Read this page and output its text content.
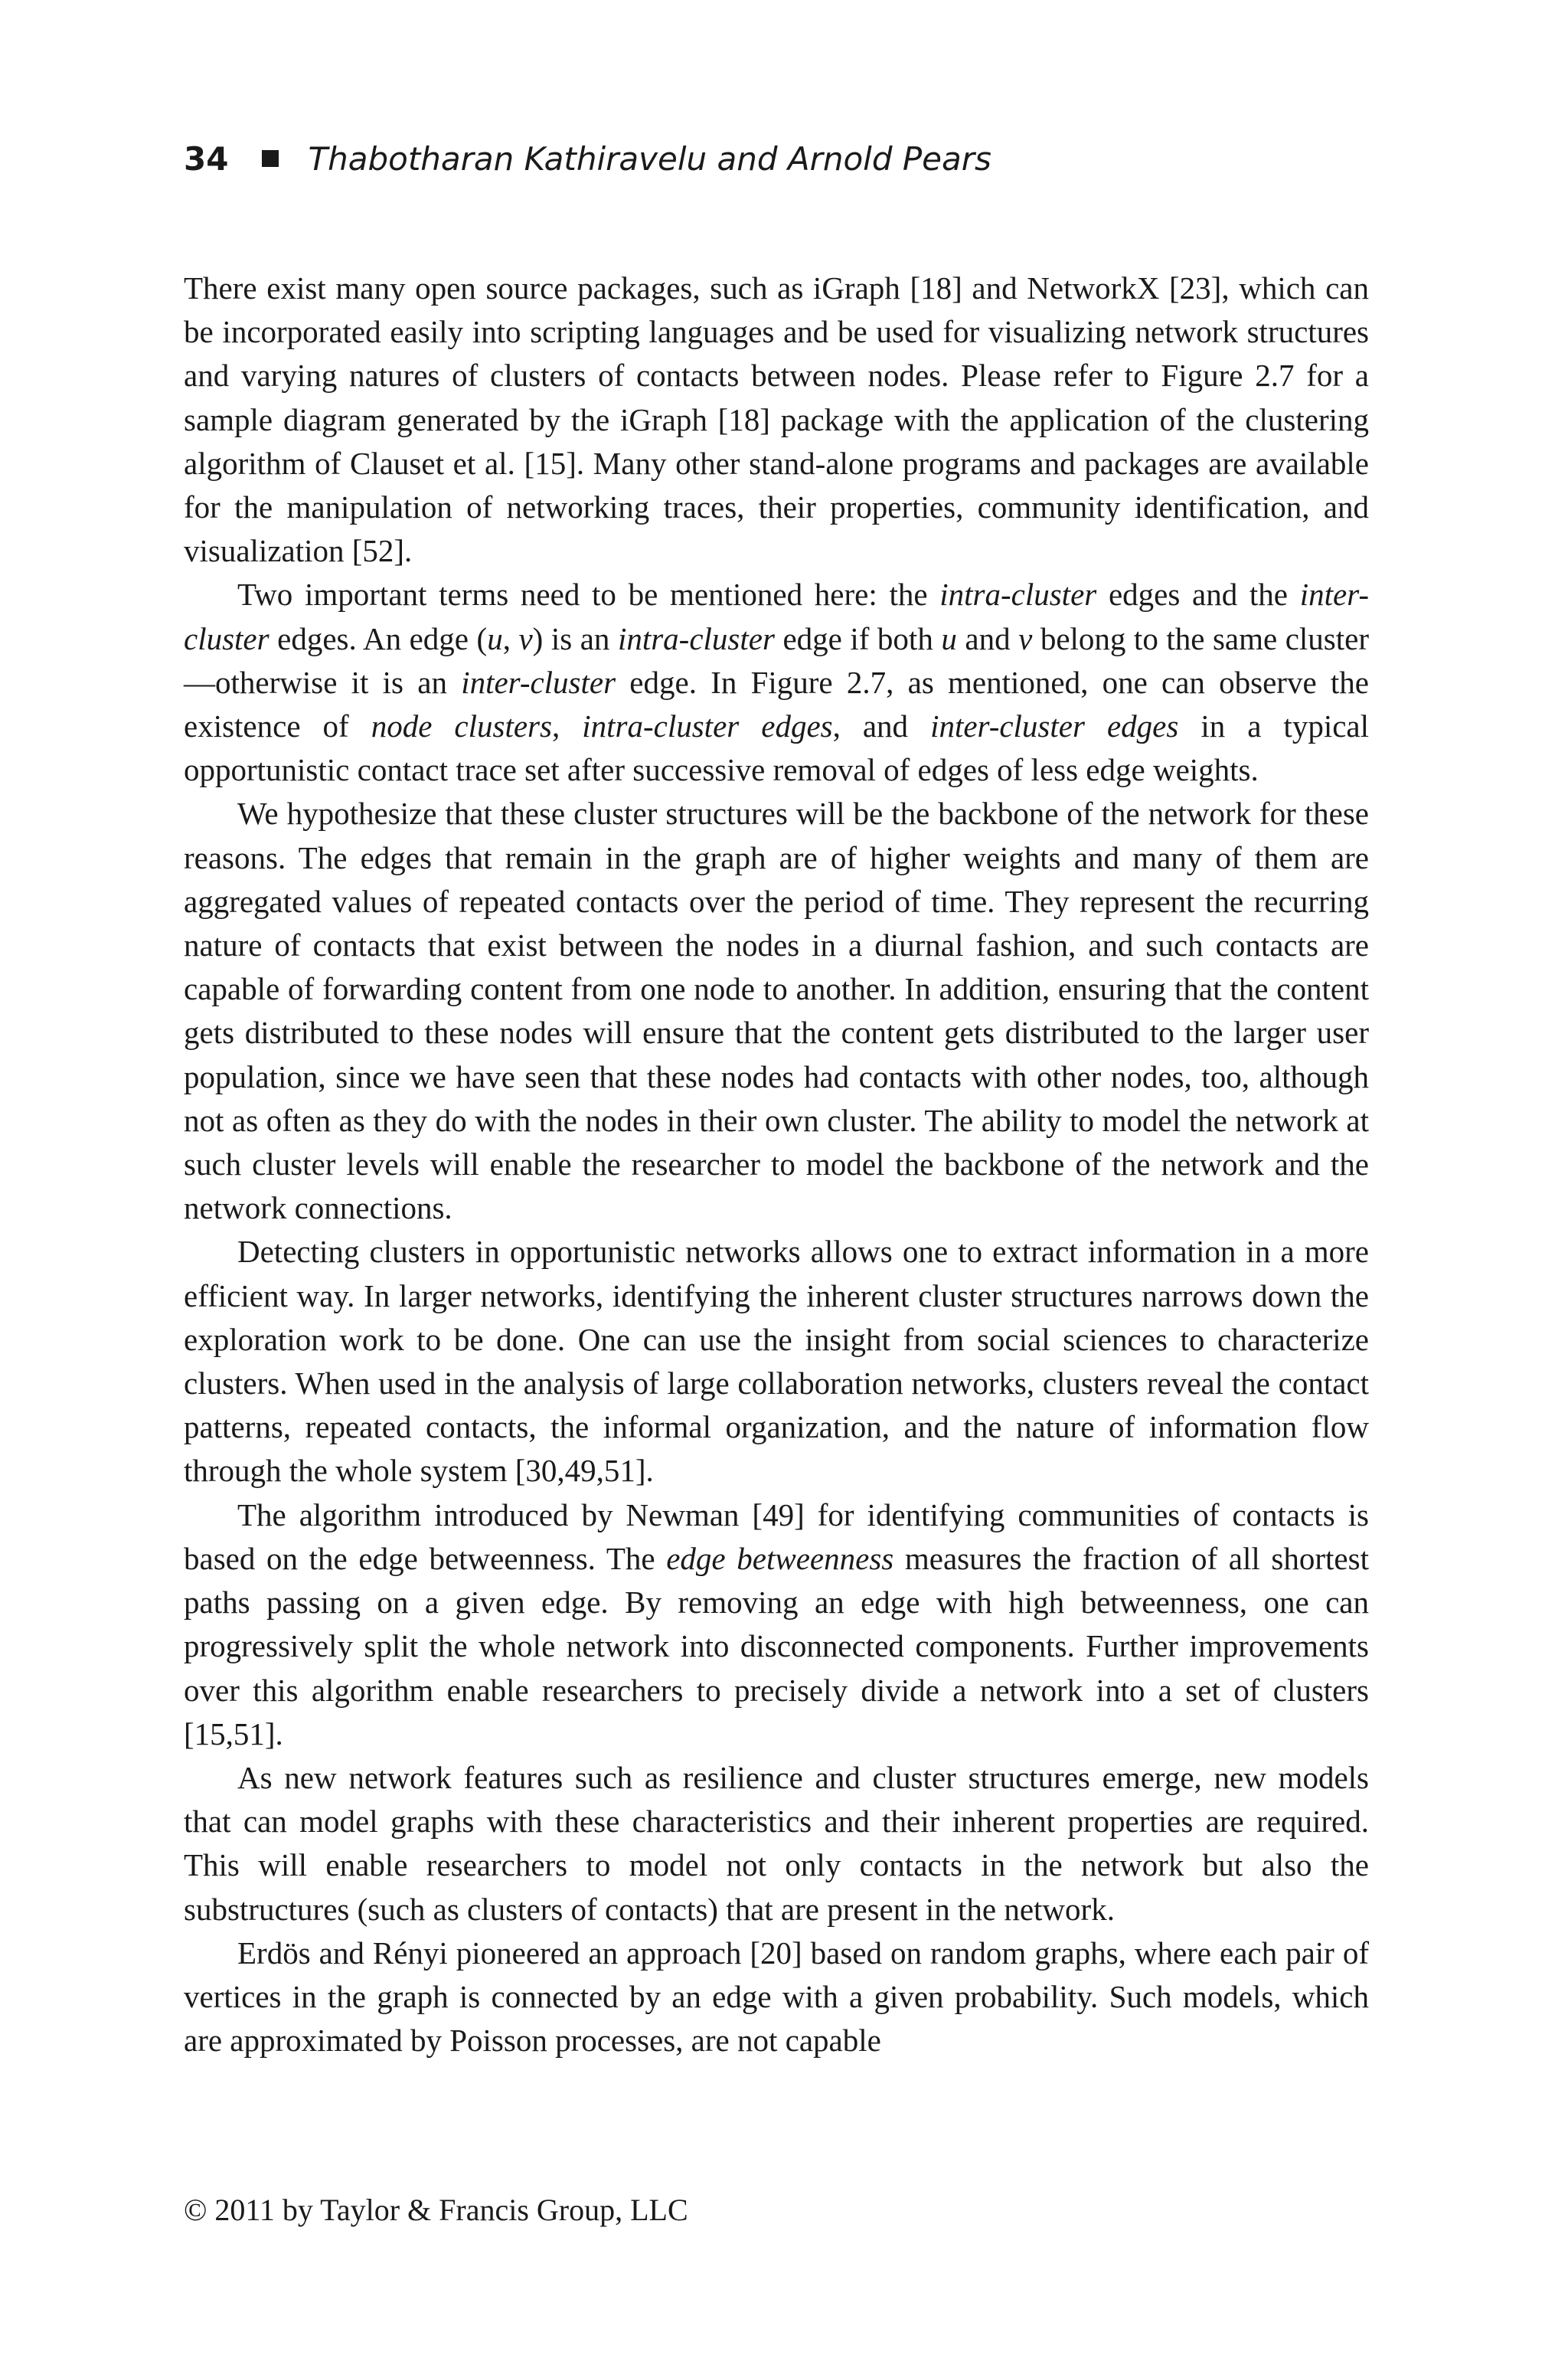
34 Thabotharan Kathiravelu and Arnold Pears

There exist many open source packages, such as iGraph [18] and NetworkX [23], which can be incorporated easily into scripting languages and be used for visualizing network structures and varying natures of clusters of contacts between nodes. Please refer to Figure 2.7 for a sample diagram generated by the iGraph [18] package with the application of the clustering algorithm of Clauset et al. [15]. Many other stand-alone programs and packages are available for the manipulation of networking traces, their properties, community identification, and visualization [52].

Two important terms need to be mentioned here: the intra-cluster edges and the inter-cluster edges. An edge (u, v) is an intra-cluster edge if both u and v belong to the same cluster—otherwise it is an inter-cluster edge. In Figure 2.7, as mentioned, one can observe the existence of node clusters, intra-cluster edges, and inter-cluster edges in a typical opportunistic contact trace set after successive removal of edges of less edge weights.

We hypothesize that these cluster structures will be the backbone of the network for these reasons. The edges that remain in the graph are of higher weights and many of them are aggregated values of repeated contacts over the period of time. They represent the recurring nature of contacts that exist between the nodes in a diurnal fashion, and such contacts are capable of forwarding content from one node to another. In addition, ensuring that the content gets distributed to these nodes will ensure that the content gets distributed to the larger user population, since we have seen that these nodes had contacts with other nodes, too, although not as often as they do with the nodes in their own cluster. The ability to model the network at such cluster levels will enable the researcher to model the backbone of the network and the network connections.

Detecting clusters in opportunistic networks allows one to extract information in a more efficient way. In larger networks, identifying the inherent cluster structures narrows down the exploration work to be done. One can use the insight from social sciences to characterize clusters. When used in the analysis of large collaboration networks, clusters reveal the contact patterns, repeated contacts, the informal organization, and the nature of information flow through the whole system [30,49,51].

The algorithm introduced by Newman [49] for identifying communities of contacts is based on the edge betweenness. The edge betweenness measures the fraction of all shortest paths passing on a given edge. By removing an edge with high betweenness, one can progressively split the whole network into disconnected components. Further improvements over this algorithm enable researchers to precisely divide a network into a set of clusters [15,51].

As new network features such as resilience and cluster structures emerge, new models that can model graphs with these characteristics and their inherent properties are required. This will enable researchers to model not only contacts in the network but also the substructures (such as clusters of contacts) that are present in the network.

Erdös and Rényi pioneered an approach [20] based on random graphs, where each pair of vertices in the graph is connected by an edge with a given probability. Such models, which are approximated by Poisson processes, are not capable

© 2011 by Taylor & Francis Group, LLC
